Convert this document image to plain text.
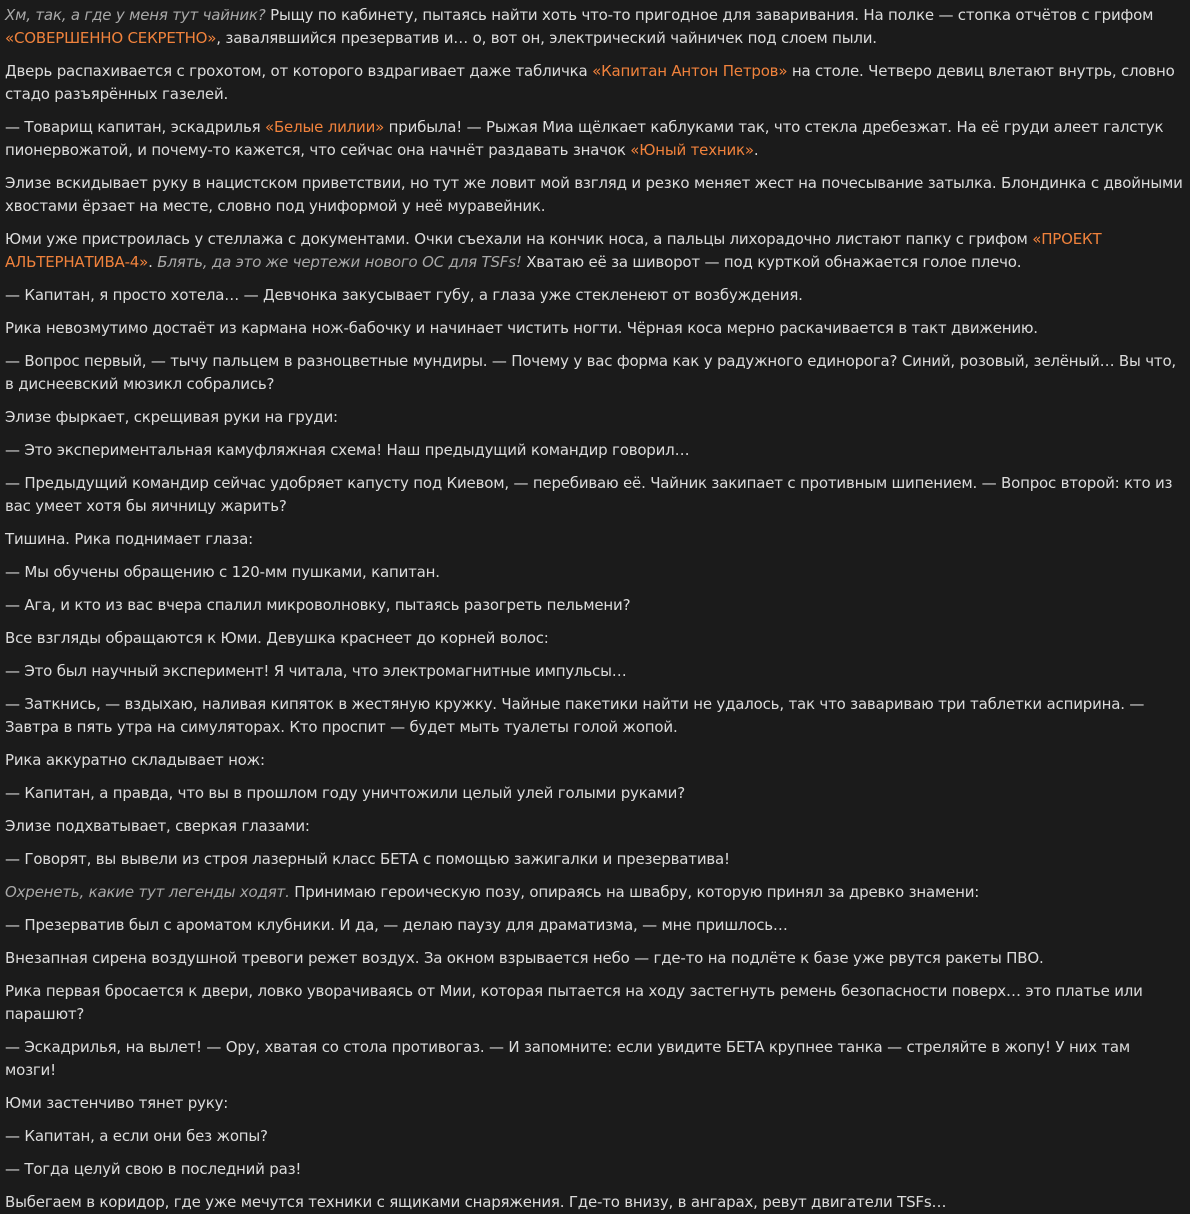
Хм, так, а где у меня тут чайник? Рыщу по кабинету, пытаясь найти хоть что-то пригодное для заваривания. На полке — стопка отчётов с грифом «СОВЕРШЕННО СЕКРЕТНО», завалявшийся презерватив и… о, вот он, электрический чайничек под слоем пыли.

Дверь распахивается с грохотом, от которого вздрагивает даже табличка «Капитан Антон Петров» на столе. Четверо девиц влетают внутрь, словно стадо разъярённых газелей.

— Товарищ капитан, эскадрилья «Белые лилии» прибыла! — Рыжая Миа щёлкает каблуками так, что стекла дребезжат. На её груди алеет галстук пионервожатой, и почему-то кажется, что сейчас она начнёт раздавать значок «Юный техник».

Элизе вскидывает руку в нацистском приветствии, но тут же ловит мой взгляд и резко меняет жест на почесывание затылка. Блондинка с двойными хвостами ёрзает на месте, словно под униформой у неё муравейник.

Юми уже пристроилась у стеллажа с документами. Очки съехали на кончик носа, а пальцы лихорадочно листают папку с грифом «ПРОЕКТ АЛЬТЕРНАТИВА-4». Блять, да это же чертежи нового ОС для TSFs! Хватаю её за шиворот — под курткой обнажается голое плечо.

— Капитан, я просто хотела… — Девчонка закусывает губу, а глаза уже стекленеют от возбуждения.

Рика невозмутимо достаёт из кармана нож-бабочку и начинает чистить ногти. Чёрная коса мерно раскачивается в такт движению.

— Вопрос первый, — тычу пальцем в разноцветные мундиры. — Почему у вас форма как у радужного единорога? Синий, розовый, зелёный… Вы что, в диснеевский мюзикл собрались?

Элизе фыркает, скрещивая руки на груди:

— Это экспериментальная камуфляжная схема! Наш предыдущий командир говорил…

— Предыдущий командир сейчас удобряет капусту под Киевом, — перебиваю её. Чайник закипает с противным шипением. — Вопрос второй: кто из вас умеет хотя бы яичницу жарить?

Тишина. Рика поднимает глаза:

— Мы обучены обращению с 120-мм пушками, капитан.

— Ага, и кто из вас вчера спалил микроволновку, пытаясь разогреть пельмени?

Все взгляды обращаются к Юми. Девушка краснеет до корней волос:

— Это был научный эксперимент! Я читала, что электромагнитные импульсы…

— Заткнись, — вздыхаю, наливая кипяток в жестяную кружку. Чайные пакетики найти не удалось, так что завариваю три таблетки аспирина. — Завтра в пять утра на симуляторах. Кто проспит — будет мыть туалеты голой жопой.

Рика аккуратно складывает нож:

— Капитан, а правда, что вы в прошлом году уничтожили целый улей голыми руками?

Элизе подхватывает, сверкая глазами:

— Говорят, вы вывели из строя лазерный класс БЕТА с помощью зажигалки и презерватива!

Охренеть, какие тут легенды ходят. Принимаю героическую позу, опираясь на швабру, которую принял за древко знамени:

— Презерватив был с ароматом клубники. И да, — делаю паузу для драматизма, — мне пришлось…

Внезапная сирена воздушной тревоги режет воздух. За окном взрывается небо — где-то на подлёте к базе уже рвутся ракеты ПВО.

Рика первая бросается к двери, ловко уворачиваясь от Мии, которая пытается на ходу застегнуть ремень безопасности поверх… это платье или парашют?

— Эскадрилья, на вылет! — Ору, хватая со стола противогаз. — И запомните: если увидите БЕТА крупнее танка — стреляйте в жопу! У них там мозги!

Юми застенчиво тянет руку:

— Капитан, а если они без жопы?

— Тогда целуй свою в последний раз!

Выбегаем в коридор, где уже мечутся техники с ящиками снаряжения. Где-то внизу, в ангарах, ревут двигатели TSFs…
